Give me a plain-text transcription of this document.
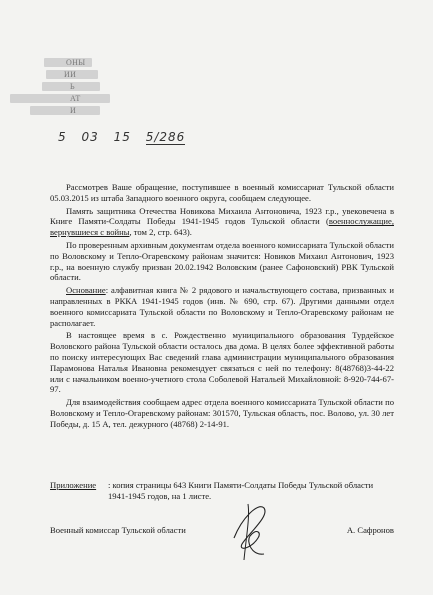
ОНЫ
ИИ
Ь
АТ
И
5 03 15 5/286

Рассмотрев Ваше обращение, поступившее в военный комиссариат Тульской области 05.03.2015 из штаба Западного военного округа, сообщаем следующее.

Память защитника Отечества Новикова Михаила Антоновича, 1923 г.р., увековечена в Книге Памяти-Солдаты Победы 1941-1945 годов Тульской области (военнослужащие, вернувшиеся с войны, том 2, стр. 643).

По проверенным архивным документам отдела военного комиссариата Тульской области по Воловскому и Тепло-Огаревскому районам значится: Новиков Михаил Антонович, 1923 г.р., на военную службу призван 20.02.1942 Воловским (ранее Сафоновский) РВК Тульской области.

Основание: алфавитная книга № 2 рядового и начальствующего состава, призванных и направленных в РККА 1941-1945 годов (инв. № 690, стр. 67). Другими данными отдел военного комиссариата Тульской области по Воловскому и Тепло-Огаревскому районам не располагает.

В настоящее время в с. Рождественно муниципального образования Турдейское Воловского района Тульской области осталось два дома. В целях более эффективной работы по поиску интересующих Вас сведений глава администрации муниципального образования Парамонова Наталья Ивановна рекомендует связаться с ней по телефону: 8(48768)3-44-22 или с начальником военно-учетного стола Соболевой Натальей Михайловной: 8-920-744-67-97.

Для взаимодействия сообщаем адрес отдела военного комиссариата Тульской области по Воловскому и Тепло-Огаревскому районам: 301570, Тульская область, пос. Волово, ул. 30 лет Победы, д. 15 А, тел. дежурного (48768) 2-14-91.

Приложение	: копия страницы 643 Книги Памяти-Солдаты Победы Тульской области 1941-1945 годов, на 1 листе.
Военный комиссар Тульской области	А. Сафронов
